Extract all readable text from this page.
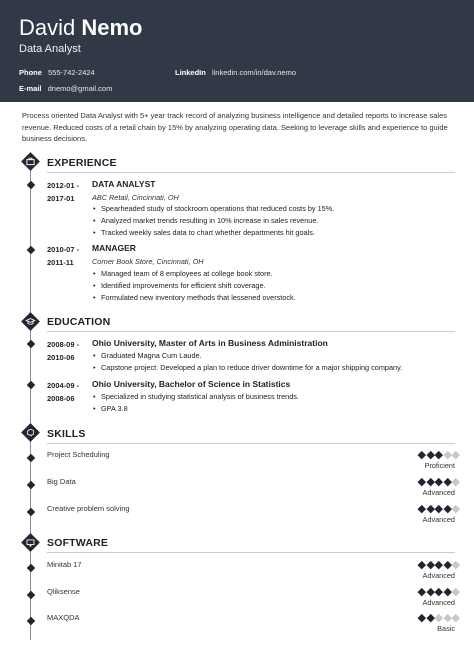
David Nemo
Data Analyst
Phone 555-742-2424	LinkedIn linkedin.com/in/dav.nemo
E-mail dnemo@gmail.com
Process oriented Data Analyst with 5+ year track record of analyzing business intelligence and detailed reports to increase sales revenue. Reduced costs of a retail chain by 15% by analyzing operating data. Seeking to leverage skills and experience to guide business decisions.
EXPERIENCE
2012-01 -
2017-01
DATA ANALYST
ABC Retail, Cincinnati, OH
• Spearheaded study of stockroom operations that reduced costs by 15%.
• Analyzed market trends resulting in 10% increase in sales revenue.
• Tracked weekly sales data to chart whether departments hit goals.
2010-07 -
2011-11
MANAGER
Corner Book Store, Cincinnati, OH
• Managed team of 8 employees at college book store.
• Identified improvements for efficient shift coverage.
• Formulated new inventory methods that lessened overstock.
EDUCATION
2008-09 -
2010-06
Ohio University, Master of Arts in Business Administration
• Graduated Magna Cum Laude.
• Capstone project: Developed a plan to reduce driver downtime for a major shipping company.
2004-09 -
2008-06
Ohio University, Bachelor of Science in Statistics
• Specialized in studying statistical analysis of business trends.
• GPA 3.8
SKILLS
Project Scheduling
Proficient
Big Data
Advanced
Creative problem solving
Advanced
SOFTWARE
Minitab 17
Advanced
Qliksense
Advanced
MAXQDA
Basic
